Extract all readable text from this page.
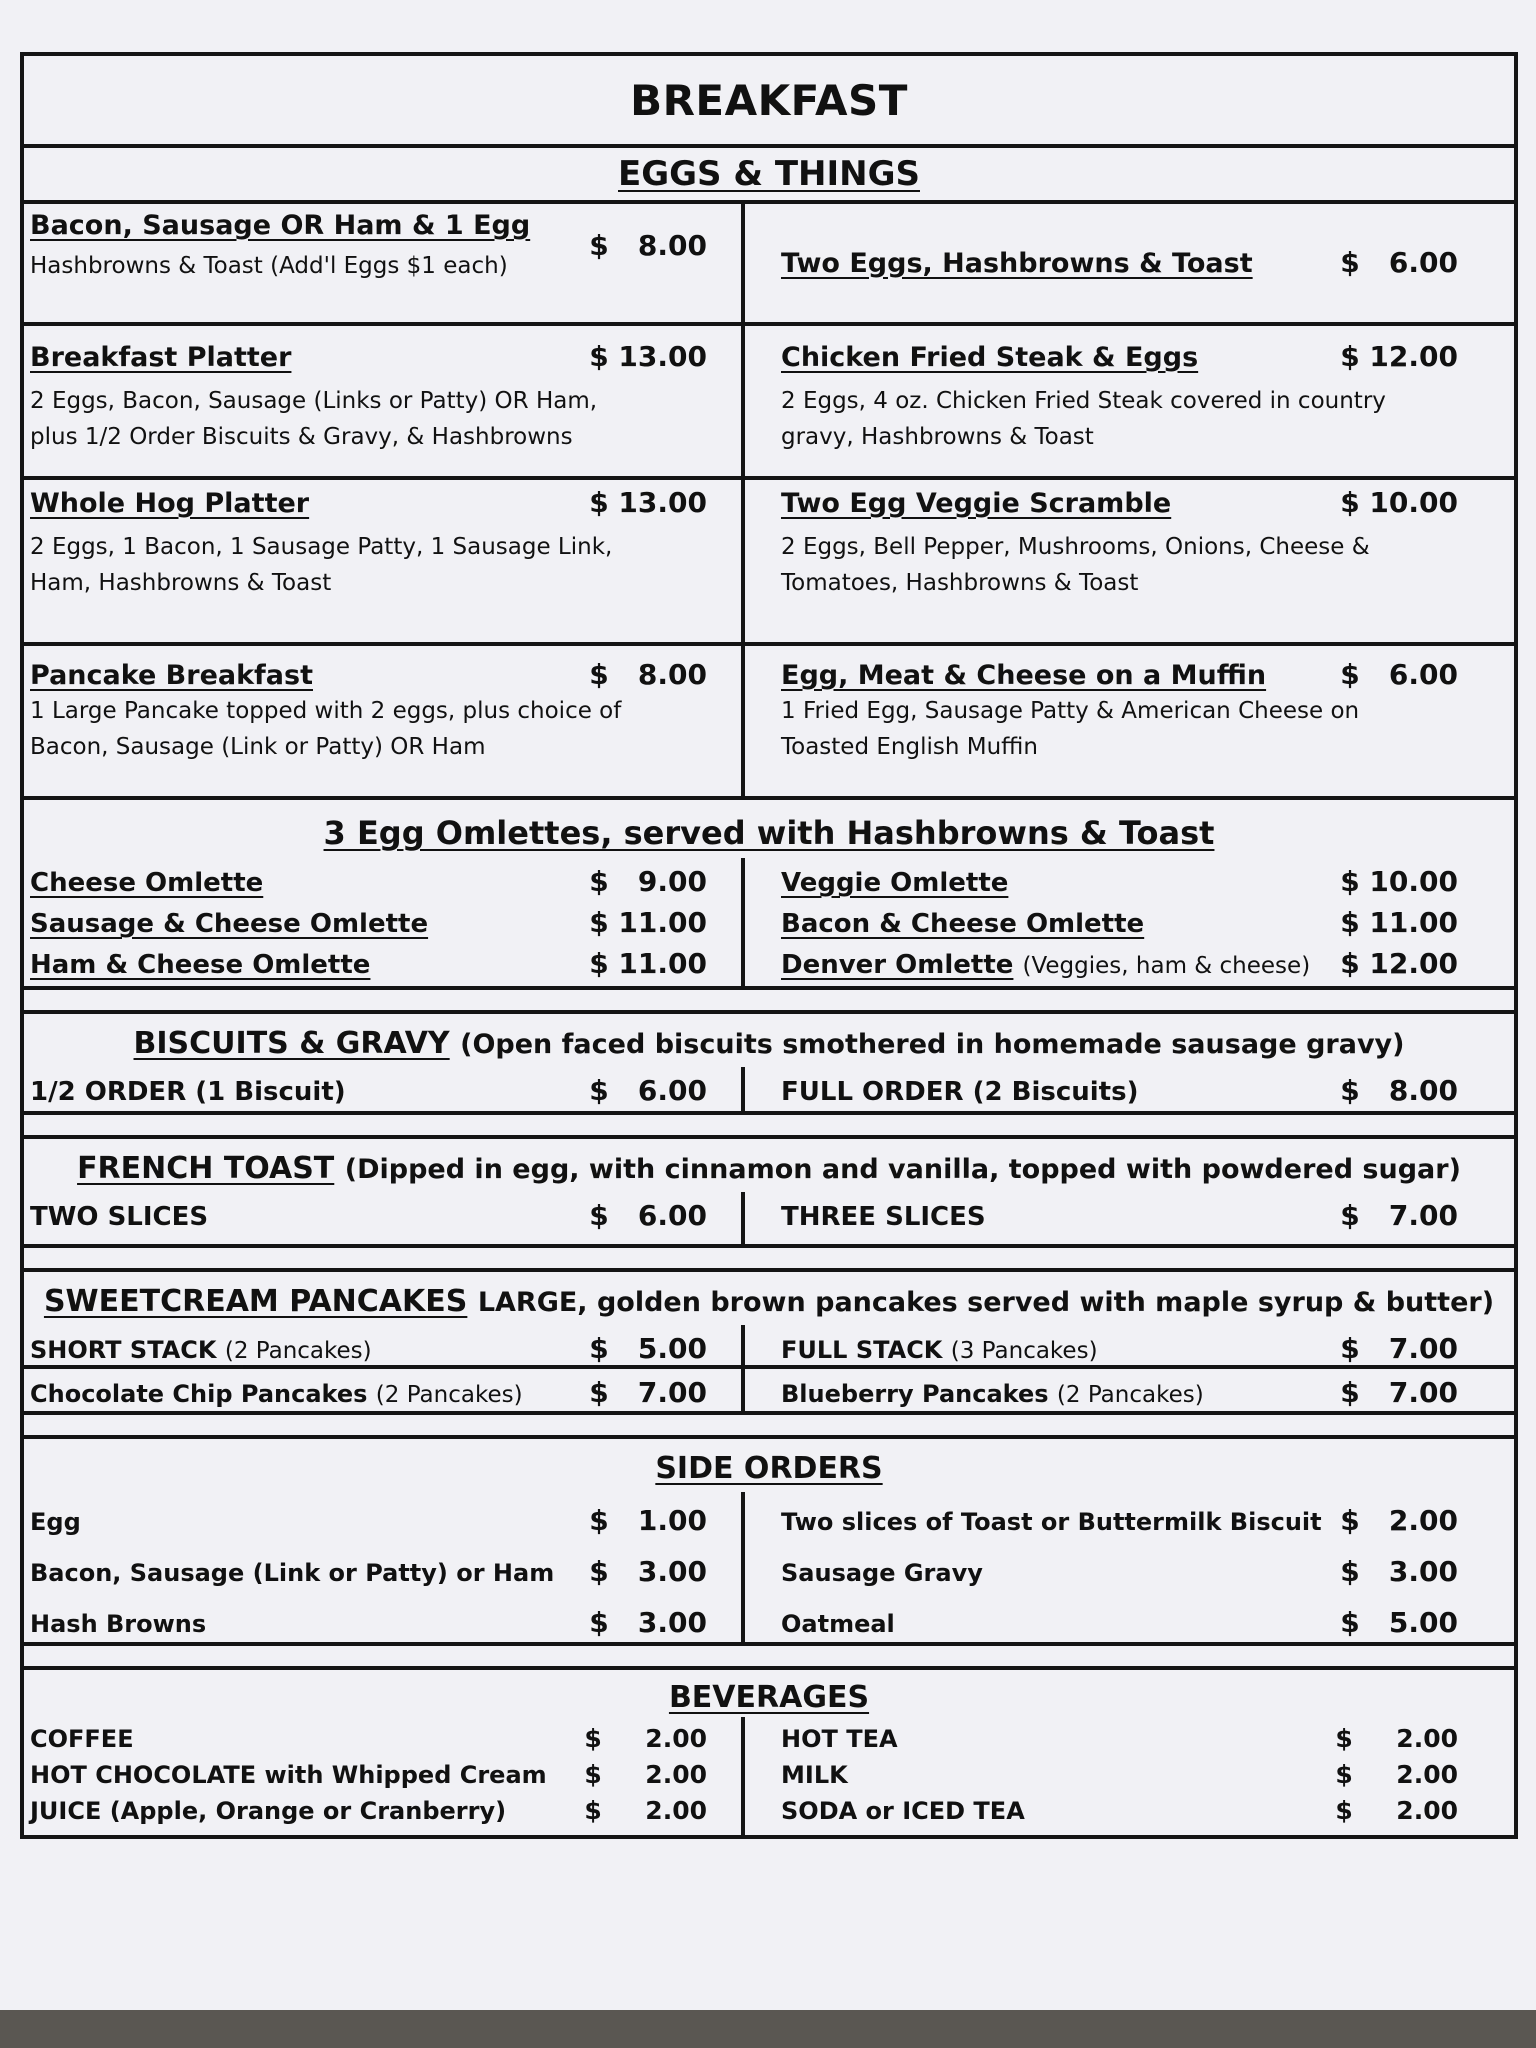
BREAKFAST
EGGS & THINGS
Bacon, Sausage OR Ham & 1 Egg
Hashbrowns & Toast (Add'l Eggs $1 each)
$   8.00
Two Eggs, Hashbrowns & Toast	$   6.00
Breakfast Platter	$ 13.00
2 Eggs, Bacon, Sausage (Links or Patty) OR Ham, plus 1/2 Order Biscuits & Gravy, & Hashbrowns
Chicken Fried Steak & Eggs	$ 12.00
2 Eggs, 4 oz. Chicken Fried Steak covered in country gravy, Hashbrowns & Toast
Whole Hog Platter	$ 13.00
2 Eggs, 1 Bacon, 1 Sausage Patty, 1 Sausage Link, Ham, Hashbrowns & Toast
Two Egg Veggie Scramble	$ 10.00
2 Eggs, Bell Pepper, Mushrooms, Onions, Cheese & Tomatoes, Hashbrowns & Toast
Pancake Breakfast	$   8.00
1 Large Pancake topped with 2 eggs, plus choice of Bacon, Sausage (Link or Patty) OR Ham
Egg, Meat & Cheese on a Muffin	$   6.00
1 Fried Egg, Sausage Patty & American Cheese on Toasted English Muffin
3 Egg Omlettes, served with Hashbrowns & Toast
Cheese Omlette	$   9.00
Sausage & Cheese Omlette	$ 11.00
Ham & Cheese Omlette	$ 11.00
Veggie Omlette	$ 10.00
Bacon & Cheese Omlette	$ 11.00
Denver Omlette (Veggies, ham & cheese) $ 12.00
BISCUITS & GRAVY (Open faced biscuits smothered in homemade sausage gravy)
1/2 ORDER (1 Biscuit)	$   6.00	FULL ORDER (2 Biscuits)	$   8.00
FRENCH TOAST (Dipped in egg, with cinnamon and vanilla, topped with powdered sugar)
TWO SLICES	$   6.00	THREE SLICES	$   7.00
SWEETCREAM PANCAKES LARGE, golden brown pancakes served with maple syrup & butter)
SHORT STACK (2 Pancakes)	$   5.00	FULL STACK (3 Pancakes)	$   7.00
Chocolate Chip Pancakes (2 Pancakes) $   7.00	Blueberry Pancakes (2 Pancakes)	$   7.00
SIDE ORDERS
Egg	$   1.00
Bacon, Sausage (Link or Patty) or Ham $   3.00
Hash Browns	$   3.00
Two slices of Toast or Buttermilk Biscuit $   2.00
Sausage Gravy	$   3.00
Oatmeal	$   5.00
BEVERAGES
COFFEE	$     2.00
HOT CHOCOLATE with Whipped Cream $     2.00
JUICE (Apple, Orange or Cranberry)	$     2.00
HOT TEA	$     2.00
MILK	$     2.00
SODA or ICED TEA	$     2.00
